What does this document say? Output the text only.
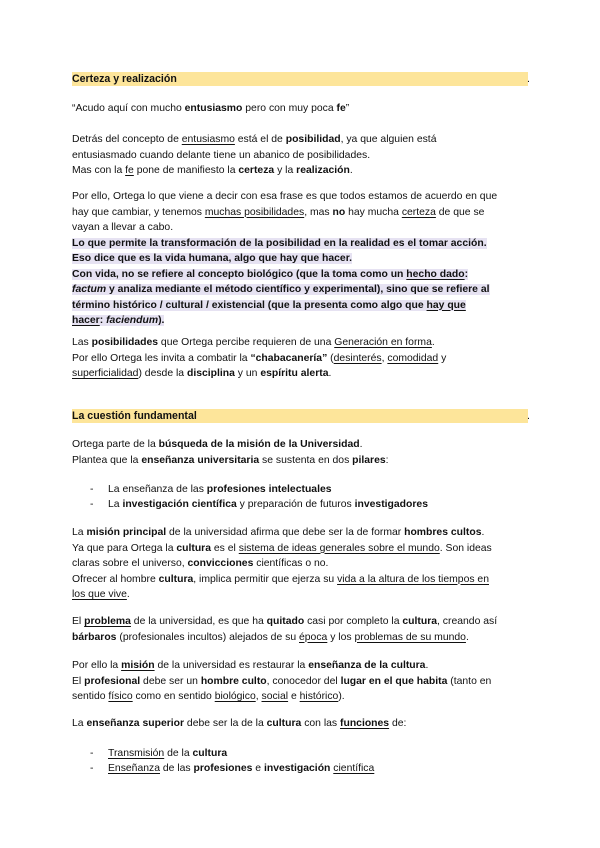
Certeza y realización	.
“Acudo aquí con mucho entusiasmo pero con muy poca fe”
Detrás del concepto de entusiasmo está el de posibilidad, ya que alguien está
entusiasmado cuando delante tiene un abanico de posibilidades.
Mas con la fe pone de manifiesto la certeza y la realización.
Por ello, Ortega lo que viene a decir con esa frase es que todos estamos de acuerdo en que
hay que cambiar, y tenemos muchas posibilidades, mas no hay mucha certeza de que se
vayan a llevar a cabo.
Lo que permite la transformación de la posibilidad en la realidad es el tomar acción.
Eso dice que es la vida humana, algo que hay que hacer.
Con vida, no se refiere al concepto biológico (que la toma como un hecho dado:
factum y analiza mediante el método científico y experimental), sino que se refiere al
término histórico / cultural / existencial (que la presenta como algo que hay que
hacer: faciendum).
Las posibilidades que Ortega percibe requieren de una Generación en forma.
Por ello Ortega les invita a combatir la “chabacanería” (desinterés, comodidad y
superficialidad) desde la disciplina y un espíritu alerta.
La cuestión fundamental	.
Ortega parte de la búsqueda de la misión de la Universidad.
Plantea que la enseñanza universitaria se sustenta en dos pilares:
- La enseñanza de las profesiones intelectuales
- La investigación científica y preparación de futuros investigadores
La misión principal de la universidad afirma que debe ser la de formar hombres cultos.
Ya que para Ortega la cultura es el sistema de ideas generales sobre el mundo. Son ideas
claras sobre el universo, convicciones científicas o no.
Ofrecer al hombre cultura, implica permitir que ejerza su vida a la altura de los tiempos en
los que vive.
El problema de la universidad, es que ha quitado casi por completo la cultura, creando así
bárbaros (profesionales incultos) alejados de su época y los problemas de su mundo.
Por ello la misión de la universidad es restaurar la enseñanza de la cultura.
El profesional debe ser un hombre culto, conocedor del lugar en el que habita (tanto en
sentido físico como en sentido biológico, social e histórico).
La enseñanza superior debe ser la de la cultura con las funciones de:
- Transmisión de la cultura
- Enseñanza de las profesiones e investigación científica
